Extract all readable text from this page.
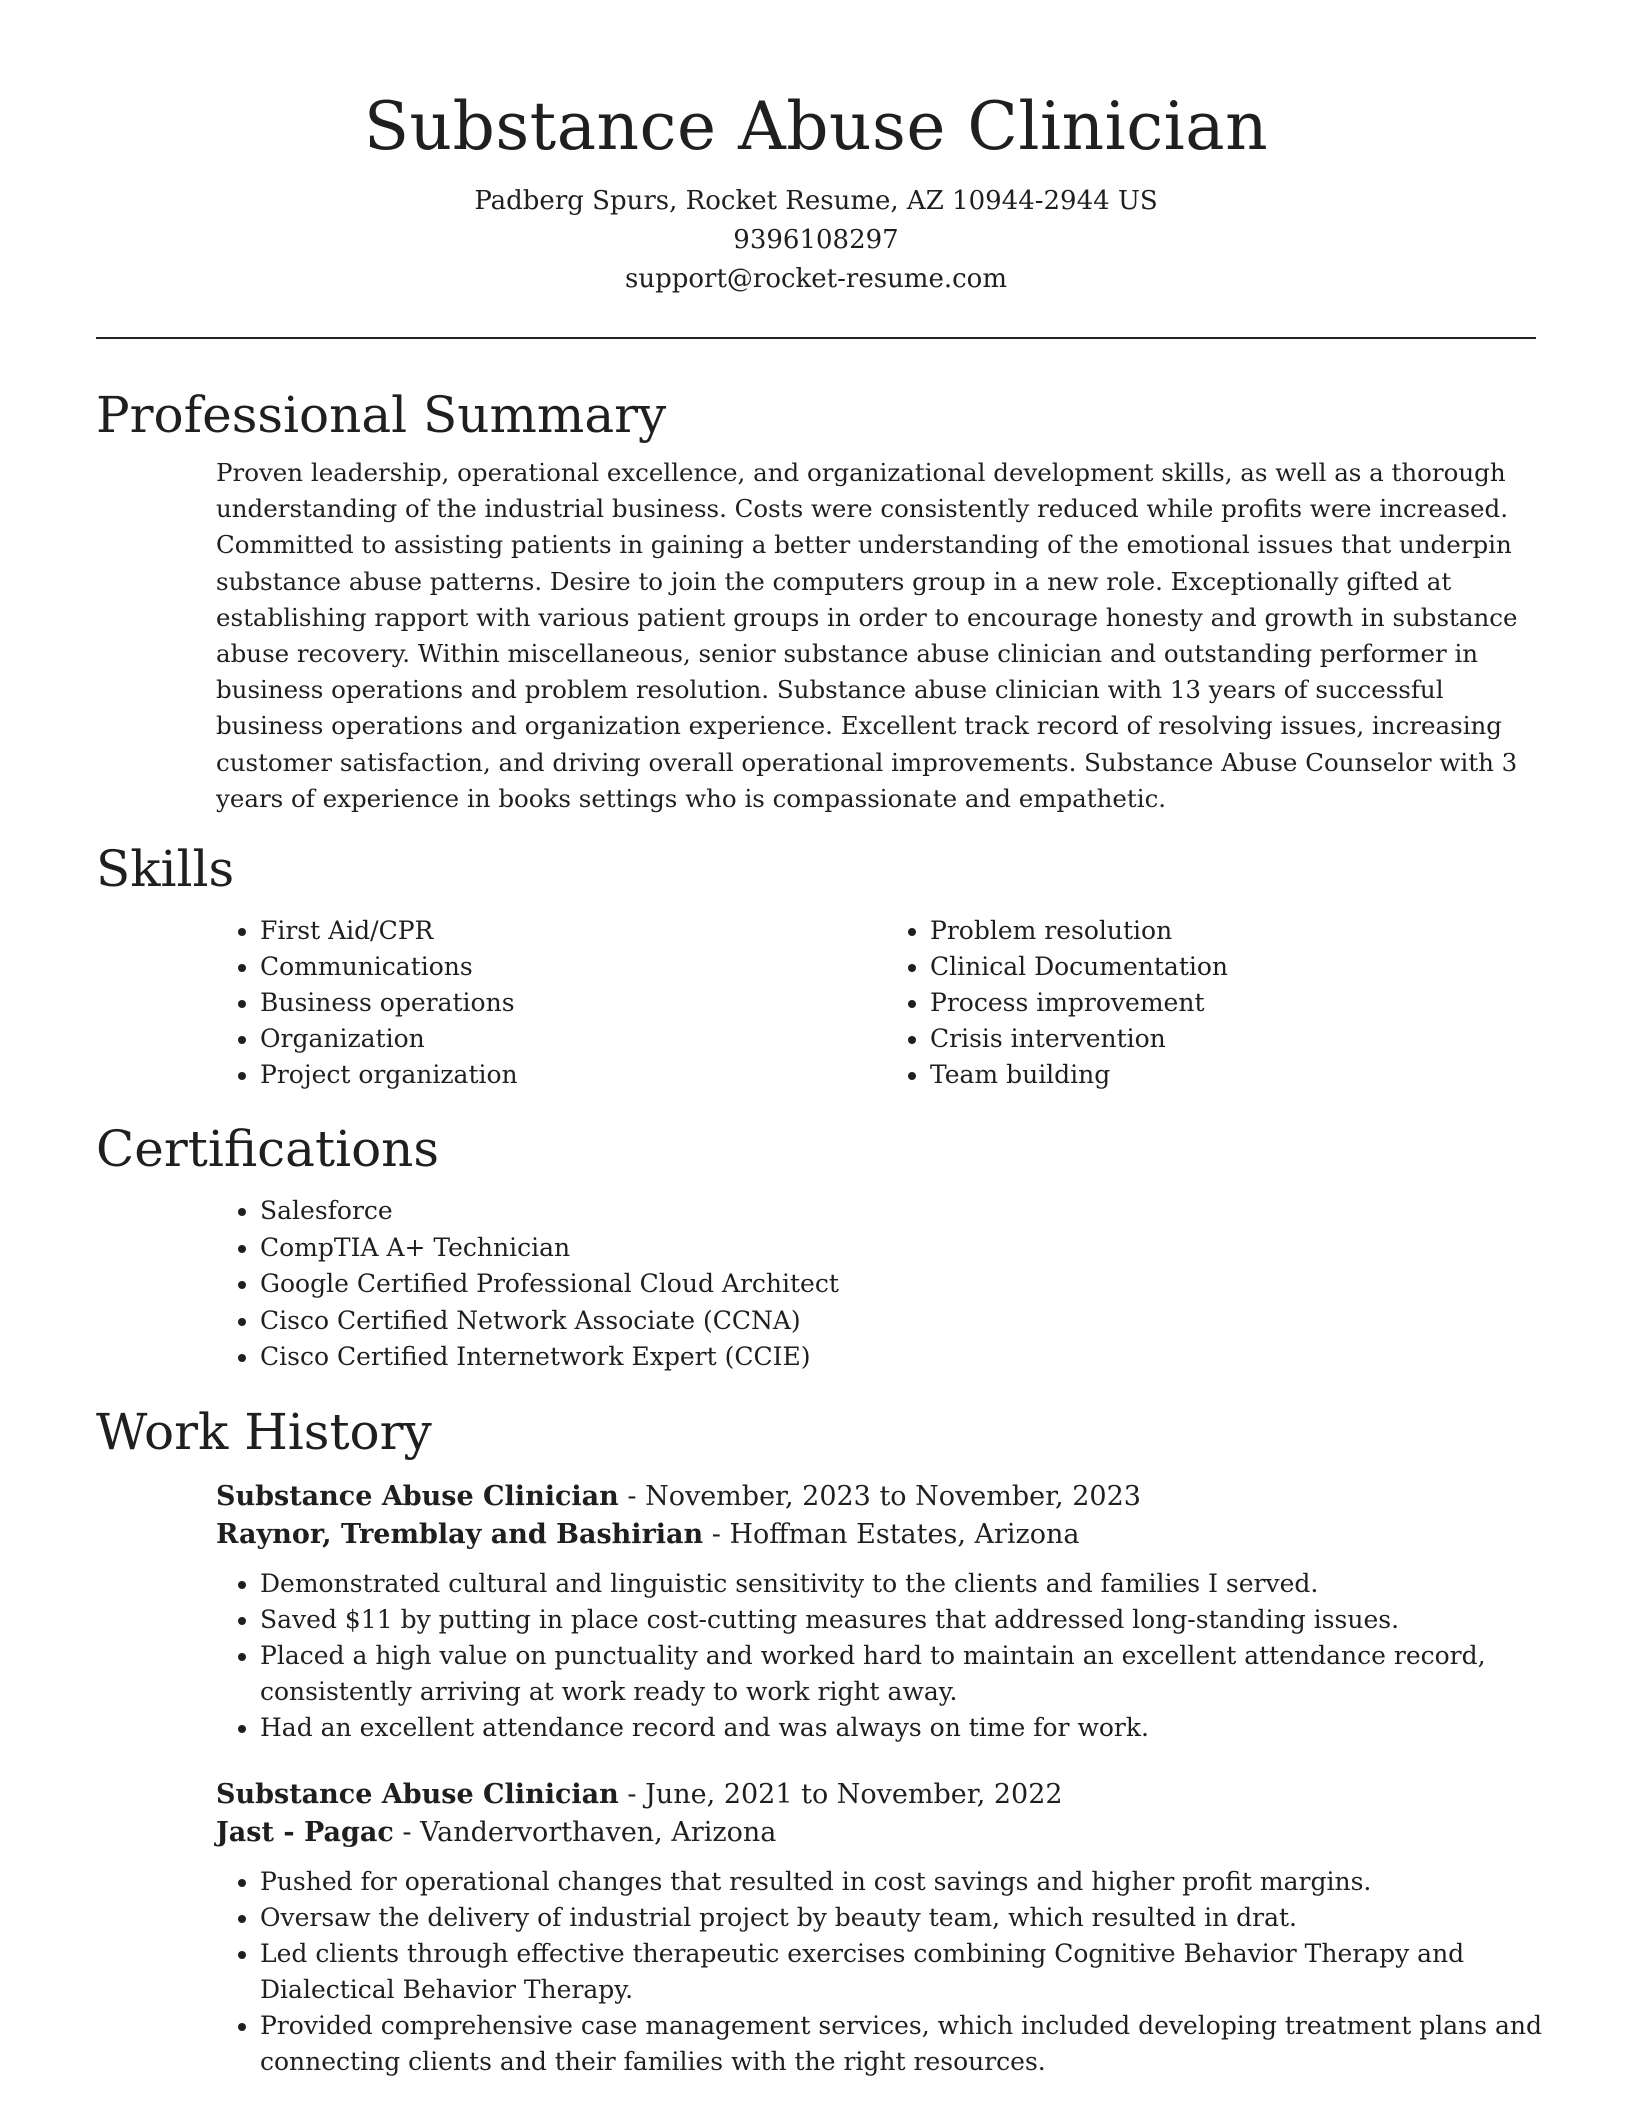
Substance Abuse Clinician

Padberg Spurs, Rocket Resume, AZ 10944-2944 US

9396108297

support@rocket-resume.com

Professional Summary

Proven leadership, operational excellence, and organizational development skills, as well as a thorough understanding of the industrial business. Costs were consistently reduced while profits were increased. Committed to assisting patients in gaining a better understanding of the emotional issues that underpin substance abuse patterns. Desire to join the computers group in a new role. Exceptionally gifted at establishing rapport with various patient groups in order to encourage honesty and growth in substance abuse recovery. Within miscellaneous, senior substance abuse clinician and outstanding performer in business operations and problem resolution. Substance abuse clinician with 13 years of successful business operations and organization experience. Excellent track record of resolving issues, increasing customer satisfaction, and driving overall operational improvements. Substance Abuse Counselor with 3 years of experience in books settings who is compassionate and empathetic.

Skills
• First Aid/CPR
• Communications
• Business operations
• Organization
• Project organization
• Problem resolution
• Clinical Documentation
• Process improvement
• Crisis intervention
• Team building
Certifications
• Salesforce
• CompTIA A+ Technician
• Google Certified Professional Cloud Architect
• Cisco Certified Network Associate (CCNA)
• Cisco Certified Internetwork Expert (CCIE)
Work History

Substance Abuse Clinician - November, 2023 to November, 2023

Raynor, Tremblay and Bashirian - Hoffman Estates, Arizona

• Demonstrated cultural and linguistic sensitivity to the clients and families I served.
• Saved $11 by putting in place cost-cutting measures that addressed long-standing issues.
• Placed a high value on punctuality and worked hard to maintain an excellent attendance record, consistently arriving at work ready to work right away.
• Had an excellent attendance record and was always on time for work.

Substance Abuse Clinician - June, 2021 to November, 2022

Jast - Pagac - Vandervorthaven, Arizona

• Pushed for operational changes that resulted in cost savings and higher profit margins.
• Oversaw the delivery of industrial project by beauty team, which resulted in drat.
• Led clients through effective therapeutic exercises combining Cognitive Behavior Therapy and Dialectical Behavior Therapy.
• Provided comprehensive case management services, which included developing treatment plans and connecting clients and their families with the right resources.
